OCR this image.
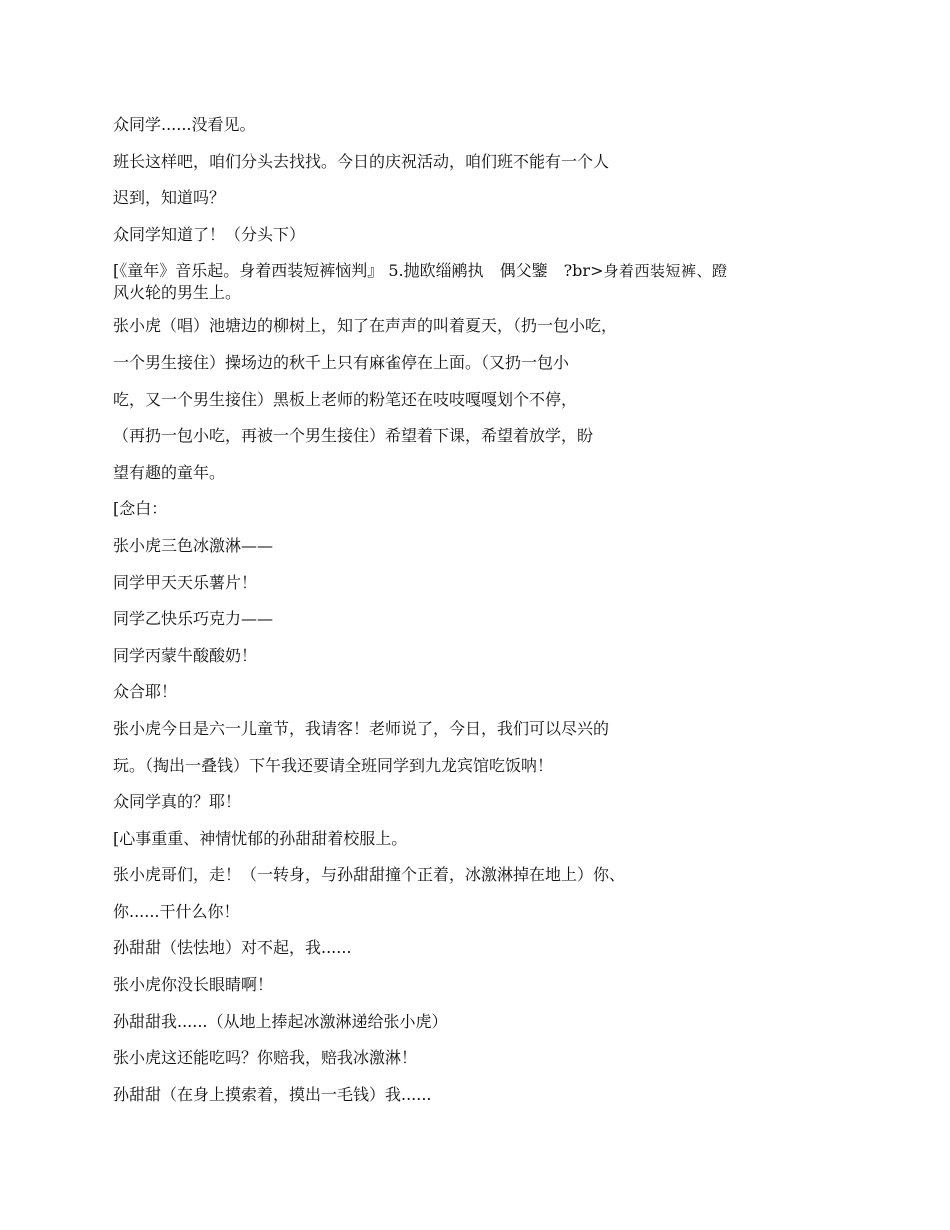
众同学......没看见。
班长这样吧，咱们分头去找找。今日的庆祝活动，咱们班不能有一个人
迟到，知道吗？
众同学知道了！（分头下）
[《童年》音乐起。身着西装短裤恼判』 5.抛欧缁鹇执　偶父鑒　?br>身着西装短裤、蹬
风火轮的男生上。
张小虎（唱）池塘边的柳树上，知了在声声的叫着夏天，（扔一包小吃，
一个男生接住）操场边的秋千上只有麻雀停在上面。（又扔一包小
吃，又一个男生接住）黑板上老师的粉笔还在吱吱嘎嘎划个不停，
（再扔一包小吃，再被一个男生接住）希望着下课，希望着放学，盼
望有趣的童年。
[念白：
张小虎三色冰激淋——
同学甲天天乐薯片！
同学乙快乐巧克力——
同学丙蒙牛酸酸奶！
众合耶！
张小虎今日是六一儿童节，我请客！老师说了，今日，我们可以尽兴的
玩。（掏出一叠钱）下午我还要请全班同学到九龙宾馆吃饭呐！
众同学真的？耶！
[心事重重、神情忧郁的孙甜甜着校服上。
张小虎哥们，走！（一转身，与孙甜甜撞个正着，冰激淋掉在地上）你、
你......干什么你！
孙甜甜（怯怯地）对不起，我......
张小虎你没长眼睛啊！
孙甜甜我......（从地上捧起冰激淋递给张小虎）
张小虎这还能吃吗？你赔我，赔我冰激淋！
孙甜甜（在身上摸索着，摸出一毛钱）我......
